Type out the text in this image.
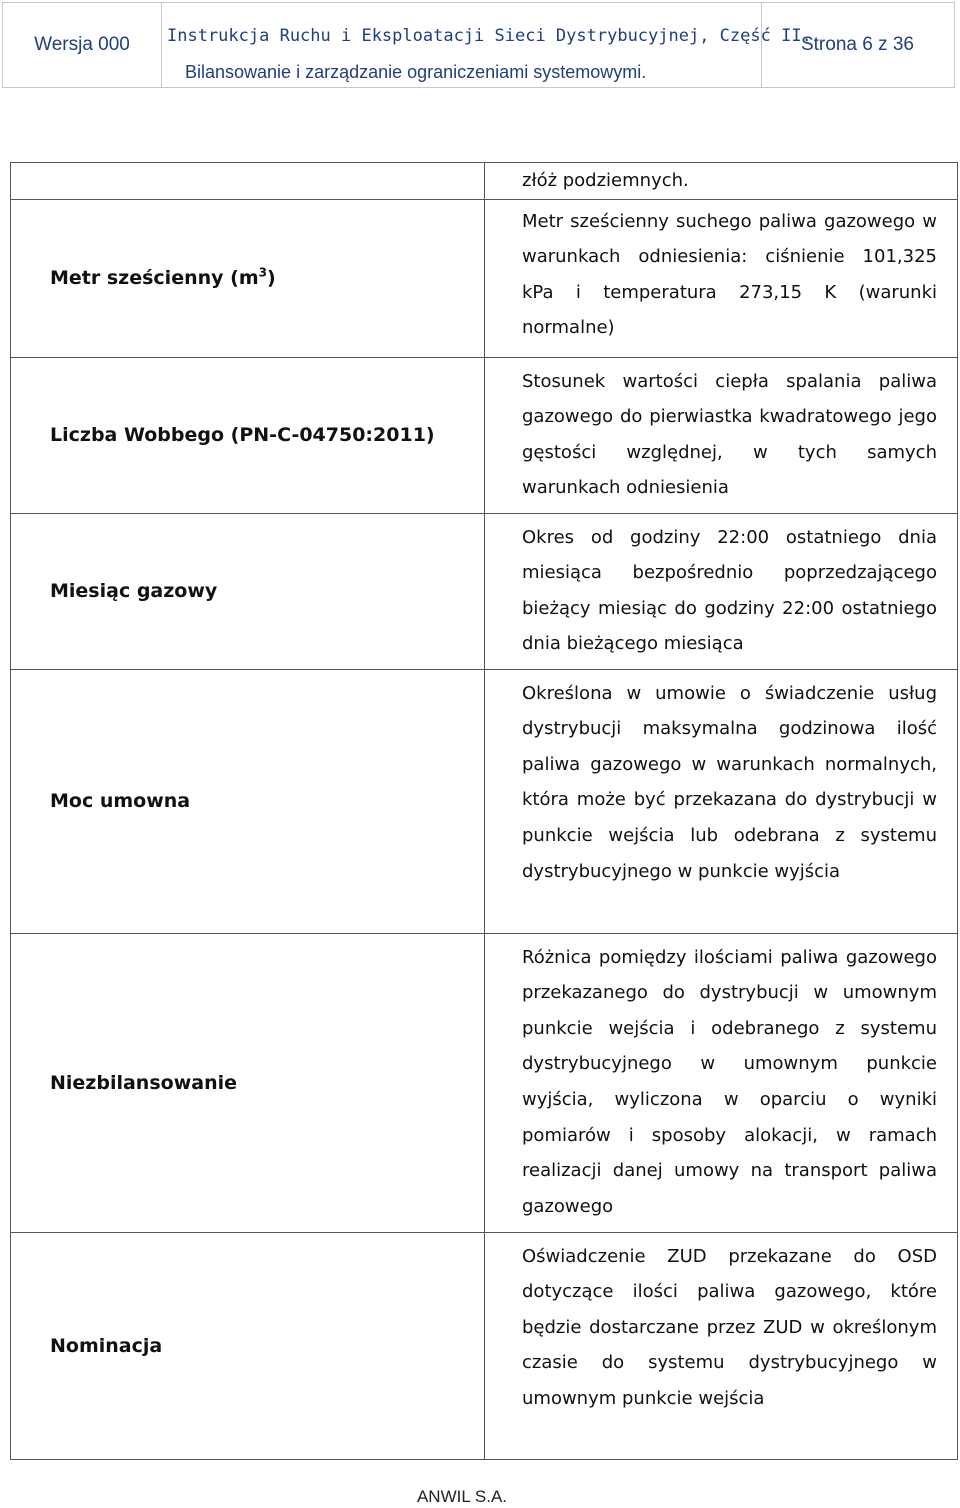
Wersja 000	Instrukcja Ruchu i Eksploatacji Sieci Dystrybucyjnej, Część II.
Bilansowanie i zarządzanie ograniczeniami systemowymi.
Strona 6 z 36

	złóż podziemnych.

Metr sześcienny $(m^3)$	Metr sześcienny suchego paliwa gazowego w warunkach odniesienia: ciśnienie 101,325 kPa i temperatura 273,15 K (warunki normalne)

Liczba Wobbego (PN-C-04750:2011)	Stosunek wartości ciepła spalania paliwa gazowego do pierwiastka kwadratowego jego gęstości względnej, w tych samych warunkach odniesienia

Miesiąc gazowy	Okres od godziny 22:00 ostatniego dnia miesiąca bezpośrednio poprzedzającego bieżący miesiąc do godziny 22:00 ostatniego dnia bieżącego miesiąca

Moc umowna	Określona w umowie o świadczenie usług dystrybucji maksymalna godzinowa ilość paliwa gazowego w warunkach normalnych, która może być przekazana do dystrybucji w punkcie wejścia lub odebrana z systemu dystrybucyjnego w punkcie wyjścia

Niezbilansowanie	Różnica pomiędzy ilościami paliwa gazowego przekazanego do dystrybucji w umownym punkcie wejścia i odebranego z systemu dystrybucyjnego w umownym punkcie wyjścia, wyliczona w oparciu o wyniki pomiarów i sposoby alokacji, w ramach realizacji danej umowy na transport paliwa gazowego

Nominacja	Oświadczenie ZUD przekazane do OSD dotyczące ilości paliwa gazowego, które będzie dostarczane przez ZUD w określonym czasie do systemu dystrybucyjnego w umownym punkcie wejścia
ANWIL S.A.
